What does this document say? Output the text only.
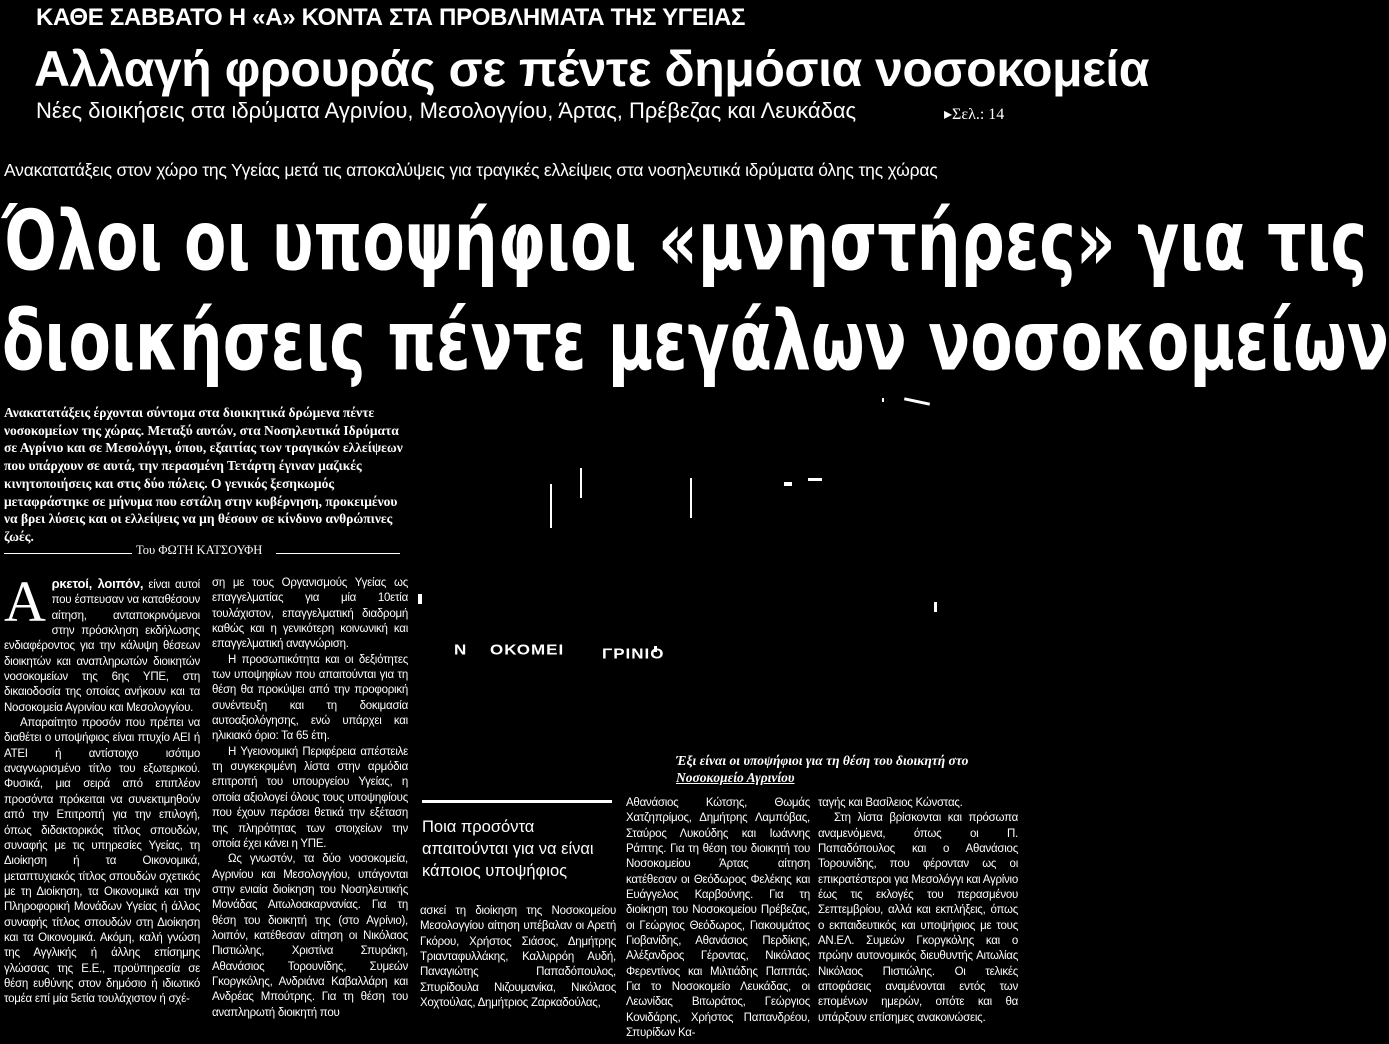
ΚΑΘΕ ΣΑΒΒΑΤΟ Η «Α» ΚΟΝΤΑ ΣΤΑ ΠΡΟΒΛΗΜΑΤΑ ΤΗΣ ΥΓΕΙΑΣ
Αλλαγή φρουράς σε πέντε δημόσια νοσοκομεία
Νέες διοικήσεις στα ιδρύματα Αγρινίου, Μεσολογγίου, Άρτας, Πρέβεζας και Λευκάδας	▸Σελ.: 14
Ανακατατάξεις στον χώρο της Υγείας μετά τις αποκαλύψεις για τραγικές ελλείψεις στα νοσηλευτικά ιδρύματα όλης της χώρας
Όλοι οι υποψήφιοι «μνηστήρες» για τις
διοικήσεις πέντε μεγάλων νοσοκομείων
Ανακατατάξεις έρχονται σύντομα στα διοικητικά δρώμενα πέντε νοσοκομείων της χώρας. Μεταξύ αυτών, στα Νοσηλευτικά Ιδρύματα σε Αγρίνιο και σε Μεσολόγγι, όπου, εξαιτίας των τραγικών ελλείψεων που υπάρχουν σε αυτά, την περασμένη Τετάρτη έγιναν μαζικές κινητοποιήσεις και στις δύο πόλεις. Ο γενικός ξεσηκωμός μεταφράστηκε σε μήνυμα που εστάλη στην κυβέρνηση, προκειμένου να βρει λύσεις και οι ελλείψεις να μη θέσουν σε κίνδυνο ανθρώπινες ζωές.
Του ΦΩΤΗ ΚΑΤΣΟΥΦΗ
Ν ΟΚΟΜΕΙ ΓΡΙΝΙΟ
Έξι είναι οι υποψήφιοι για τη θέση του διοικητή στο
Νοσοκομείο Αγρινίου

Αρκετοί, λοιπόν, είναι αυτοί που έσπευσαν να καταθέσουν αίτηση, ανταποκρινόμενοι στην πρόσκληση εκδήλωσης ενδιαφέροντος για την κάλυψη θέσεων διοικητών και αναπληρωτών διοικητών νοσοκομείων της 6ης ΥΠΕ, στη δικαιοδοσία της οποίας ανήκουν και τα Νοσοκομεία Αγρινίου και Μεσολογγίου.

Απαραίτητο προσόν που πρέπει να διαθέτει ο υποψήφιος είναι πτυχίο ΑΕΙ ή ΑΤΕΙ ή αντίστοιχο ισότιμο αναγνωρισμένο τίτλο του εξωτερικού. Φυσικά, μια σειρά από επιπλέον προσόντα πρόκειται να συνεκτιμηθούν από την Επιτροπή για την επιλογή, όπως διδακτορικός τίτλος σπουδών, συναφής με τις υπηρεσίες Υγείας, τη Διοίκηση ή τα Οικονομικά, μεταπτυχιακός τίτλος σπουδών σχετικός με τη Διοίκηση, τα Οικονομικά και την Πληροφορική Μονάδων Υγείας ή άλλος συναφής τίτλος σπουδών στη Διοίκηση και τα Οικονομικά. Ακόμη, καλή γνώση της Αγγλικής ή άλλης επίσημης γλώσσας της Ε.Ε., προϋπηρεσία σε θέση ευθύνης στον δημόσιο ή ιδιωτικό τομέα επί μία 5ετία τουλάχιστον ή σχέ-

ση με τους Οργανισμούς Υγείας ως επαγγελματίας για μία 10ετία τουλάχιστον, επαγγελματική διαδρομή καθώς και η γενικότερη κοινωνική και επαγγελματική αναγνώριση.

Η προσωπικότητα και οι δεξιότητες των υποψηφίων που απαιτούνται για τη θέση θα προκύψει από την προφορική συνέντευξη και τη δοκιμασία αυτοαξιολόγησης, ενώ υπάρχει και ηλικιακό όριο: Τα 65 έτη.

Η Υγειονομική Περιφέρεια απέστειλε τη συγκεκριμένη λίστα στην αρμόδια επιτροπή του υπουργείου Υγείας, η οποία αξιολογεί όλους τους υποψηφίους που έχουν περάσει θετικά την εξέταση της πληρότητας των στοιχείων την οποία έχει κάνει η ΥΠΕ.

Ως γνωστόν, τα δύο νοσοκομεία, Αγρινίου και Μεσολογγίου, υπάγονται στην ενιαία διοίκηση του Νοσηλευτικής Μονάδας Αιτωλοακαρνανίας. Για τη θέση του διοικητή της (στο Αγρίνιο), λοιπόν, κατέθεσαν αίτηση οι Νικόλαος Πιστιώλης, Χριστίνα Σπυράκη, Αθανάσιος Τορουνίδης, Συμεών Γκοργκόλης, Ανδριάνα Καβαλλάρη και Ανδρέας Μπούτρης. Για τη θέση του αναπληρωτή διοικητή που

Ποια προσόντα απαιτούνται για να είναι κάποιος υποψήφιος

ασκεί τη διοίκηση της Νοσοκομείου Μεσολογγίου αίτηση υπέβαλαν οι Αρετή Γκόρου, Χρήστος Σιάσος, Δημήτρης Τριανταφυλλάκης, Καλλιρρόη Αυδή, Παναγιώτης Παπαδόπουλος, Σπυρίδουλα Νιζουμανίκα, Νικόλαος Χοχτούλας, Δημήτριος Ζαρκαδούλας,

Αθανάσιος Κώτσης, Θωμάς Χατζηπρίμος, Δημήτρης Λαμπόβας, Σταύρος Λυκούδης και Ιωάννης Ράπτης. Για τη θέση του διοικητή του Νοσοκομείου Άρτας αίτηση κατέθεσαν οι Θεόδωρος Φελέκης και Ευάγγελος Καρβούνης. Για τη διοίκηση του Νοσοκομείου Πρέβεζας, οι Γεώργιος Θεόδωρος, Γιακουμάτος Γιοβανίδης, Αθανάσιος Περδίκης, Αλέξανδρος Γέροντας, Νικόλαος Φερεντίνος και Μιλτιάδης Παππάς. Για το Νοσοκομείο Λευκάδας, οι Λεωνίδας Βιτωράτος, Γεώργιος Κονιδάρης, Χρήστος Παπανδρέου, Σπυρίδων Κα-

ταγής και Βασίλειος Κώνστας.

Στη λίστα βρίσκονται και πρόσωπα αναμενόμενα, όπως οι Π. Παπαδόπουλος και ο Αθανάσιος Τορουνίδης, που φέρονταν ως οι επικρατέστεροι για Μεσολόγγι και Αγρίνιο έως τις εκλογές του περασμένου Σεπτεμβρίου, αλλά και εκπλήξεις, όπως ο εκπαιδευτικός και υποψήφιος με τους ΑΝ.ΕΛ. Συμεών Γκοργκόλης και ο πρώην αυτονομικός διευθυντής Αιτωλίας Νικόλαος Πιστιώλης. Οι τελικές αποφάσεις αναμένονται εντός των επομένων ημερών, οπότε και θα υπάρξουν επίσημες ανακοινώσεις.
